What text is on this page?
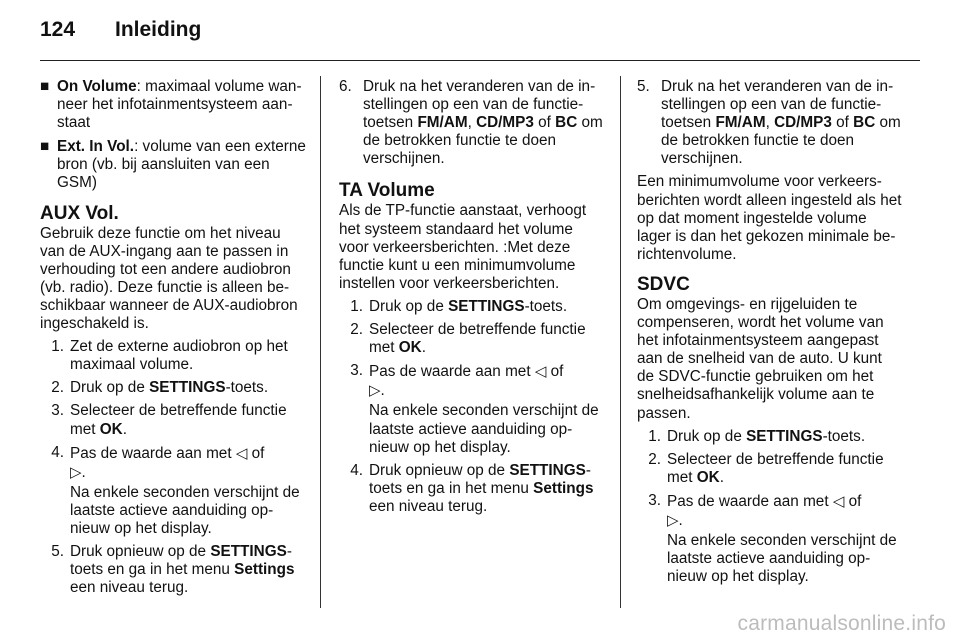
124	Inleiding
■ On Volume: maximaal volume wanneer het infotainmentsysteem aanstaat
■ Ext. In Vol.: volume van een externe bron (vb. bij aansluiten van een GSM)
AUX Vol.

Gebruik deze functie om het niveau van de AUX-ingang aan te passen in verhouding tot een andere audiobron (vb. radio). Deze functie is alleen beschikbaar wanneer de AUX-audiobron ingeschakeld is.

1. Zet de externe audiobron op het maximaal volume.
2. Druk op de SETTINGS-toets.
3. Selecteer de betreffende functie met OK.
4. Pas de waarde aan met ◁ of
▷.

Na enkele seconden verschijnt de laatste actieve aanduiding opnieuw op het display.

5. Druk opnieuw op de SETTINGS-toets en ga in het menu Settings een niveau terug.
6. Druk na het veranderen van de instellingen op een van de functietoetsen FM/AM, CD/MP3 of BC om de betrokken functie te doen verschijnen.
TA Volume

Als de TP-functie aanstaat, verhoogt het systeem standaard het volume voor verkeersberichten. :Met deze functie kunt u een minimumvolume instellen voor verkeersberichten.

1. Druk op de SETTINGS-toets.
2. Selecteer de betreffende functie met OK.
3. Pas de waarde aan met ◁ of
▷.

Na enkele seconden verschijnt de laatste actieve aanduiding opnieuw op het display.

4. Druk opnieuw op de SETTINGS-toets en ga in het menu Settings een niveau terug.
5. Druk na het veranderen van de instellingen op een van de functietoetsen FM/AM, CD/MP3 of BC om de betrokken functie te doen verschijnen.

Een minimumvolume voor verkeersberichten wordt alleen ingesteld als het op dat moment ingestelde volume lager is dan het gekozen minimale berichtenvolume.

SDVC

Om omgevings- en rijgeluiden te compenseren, wordt het volume van het infotainmentsysteem aangepast aan de snelheid van de auto. U kunt de SDVC-functie gebruiken om het snelheidsafhankelijk volume aan te passen.

1. Druk op de SETTINGS-toets.
2. Selecteer de betreffende functie met OK.
3. Pas de waarde aan met ◁ of
▷.

Na enkele seconden verschijnt de laatste actieve aanduiding opnieuw op het display.

carmanualsonline.info
